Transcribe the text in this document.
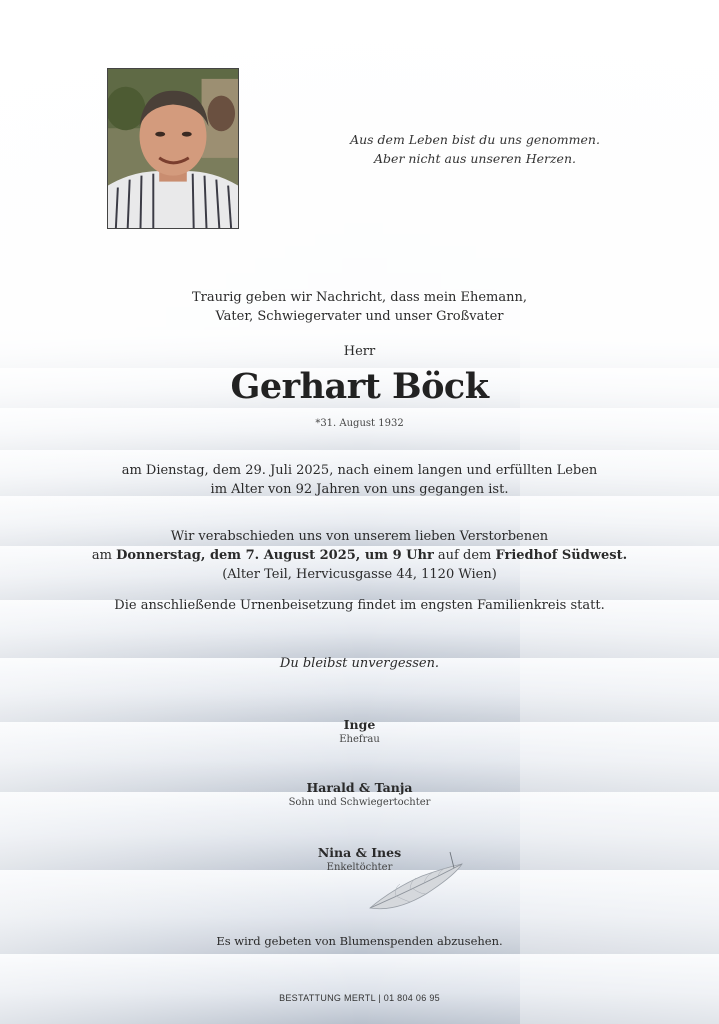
Aus dem Leben bist du uns genommen.
Aber nicht aus unseren Herzen.
Traurig geben wir Nachricht, dass mein Ehemann,
Vater, Schwiegervater und unser Großvater
Herr
Gerhart Böck
*31. August 1932
am Dienstag, dem 29. Juli 2025, nach einem langen und erfüllten Leben
im Alter von 92 Jahren von uns gegangen ist.
Wir verabschieden uns von unserem lieben Verstorbenen
am Donnerstag, dem 7. August 2025, um 9 Uhr auf dem Friedhof Südwest.
(Alter Teil, Hervicusgasse 44, 1120 Wien)
Die anschließende Urnenbeisetzung findet im engsten Familienkreis statt.
Du bleibst unvergessen.
Inge
Ehefrau
Harald & Tanja
Sohn und Schwiegertochter
Nina & Ines
Enkeltöchter
Es wird gebeten von Blumenspenden abzusehen.
BESTATTUNG MERTL | 01 804 06 95
